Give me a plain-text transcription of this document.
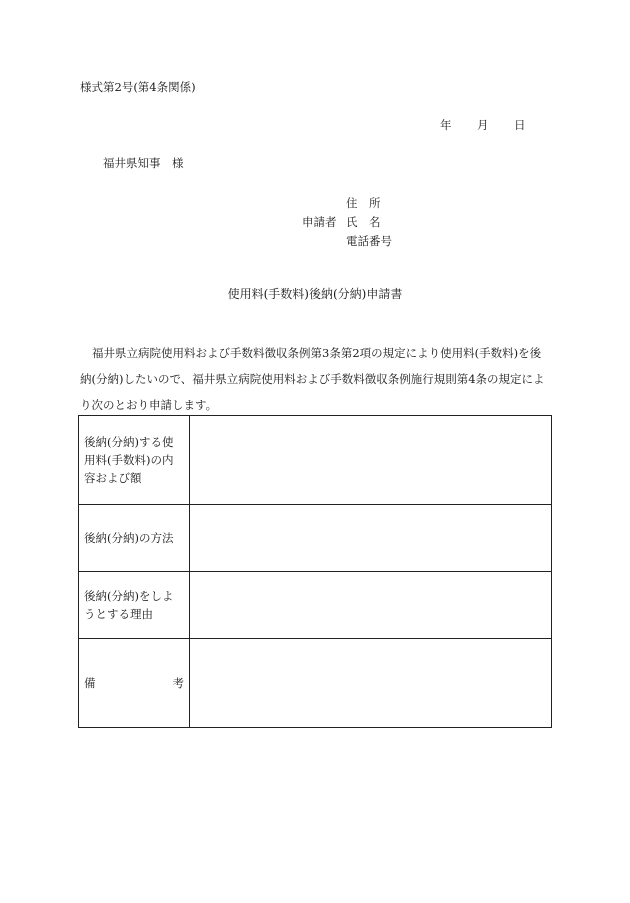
様式第2号(第4条関係)
年	月	日
福井県知事　様
住　所
申請者 氏　名
電話番号
使用料(手数料)後納(分納)申請書
福井県立病院使用料および手数料徴収条例第3条第2項の規定により使用料(手数料)を後納(分納)したいので、福井県立病院使用料および手数料徴収条例施行規則第4条の規定により次のとおり申請します。
後納(分納)する使用料(手数料)の内容および額	
後納(分納)の方法	
後納(分納)をしようとする理由	
備　　考	
